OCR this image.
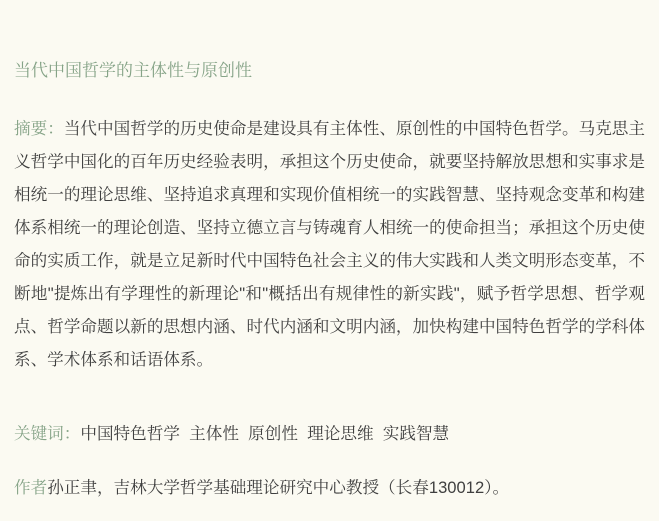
当代中国哲学的主体性与原创性

摘要：当代中国哲学的历史使命是建设具有主体性、原创性的中国特色哲学。马克思主义哲学中国化的百年历史经验表明，承担这个历史使命，就要坚持解放思想和实事求是相统一的理论思维、坚持追求真理和实现价值相统一的实践智慧、坚持观念变革和构建体系相统一的理论创造、坚持立德立言与铸魂育人相统一的使命担当；承担这个历史使命的实质工作，就是立足新时代中国特色社会主义的伟大实践和人类文明形态变革，不断地"提炼出有学理性的新理论"和"概括出有规律性的新实践"，赋予哲学思想、哲学观点、哲学命题以新的思想内涵、时代内涵和文明内涵，加快构建中国特色哲学的学科体系、学术体系和话语体系。

关键词：中国特色哲学  主体性  原创性  理论思维  实践智慧

作者孙正聿，吉林大学哲学基础理论研究中心教授（长春130012）。
